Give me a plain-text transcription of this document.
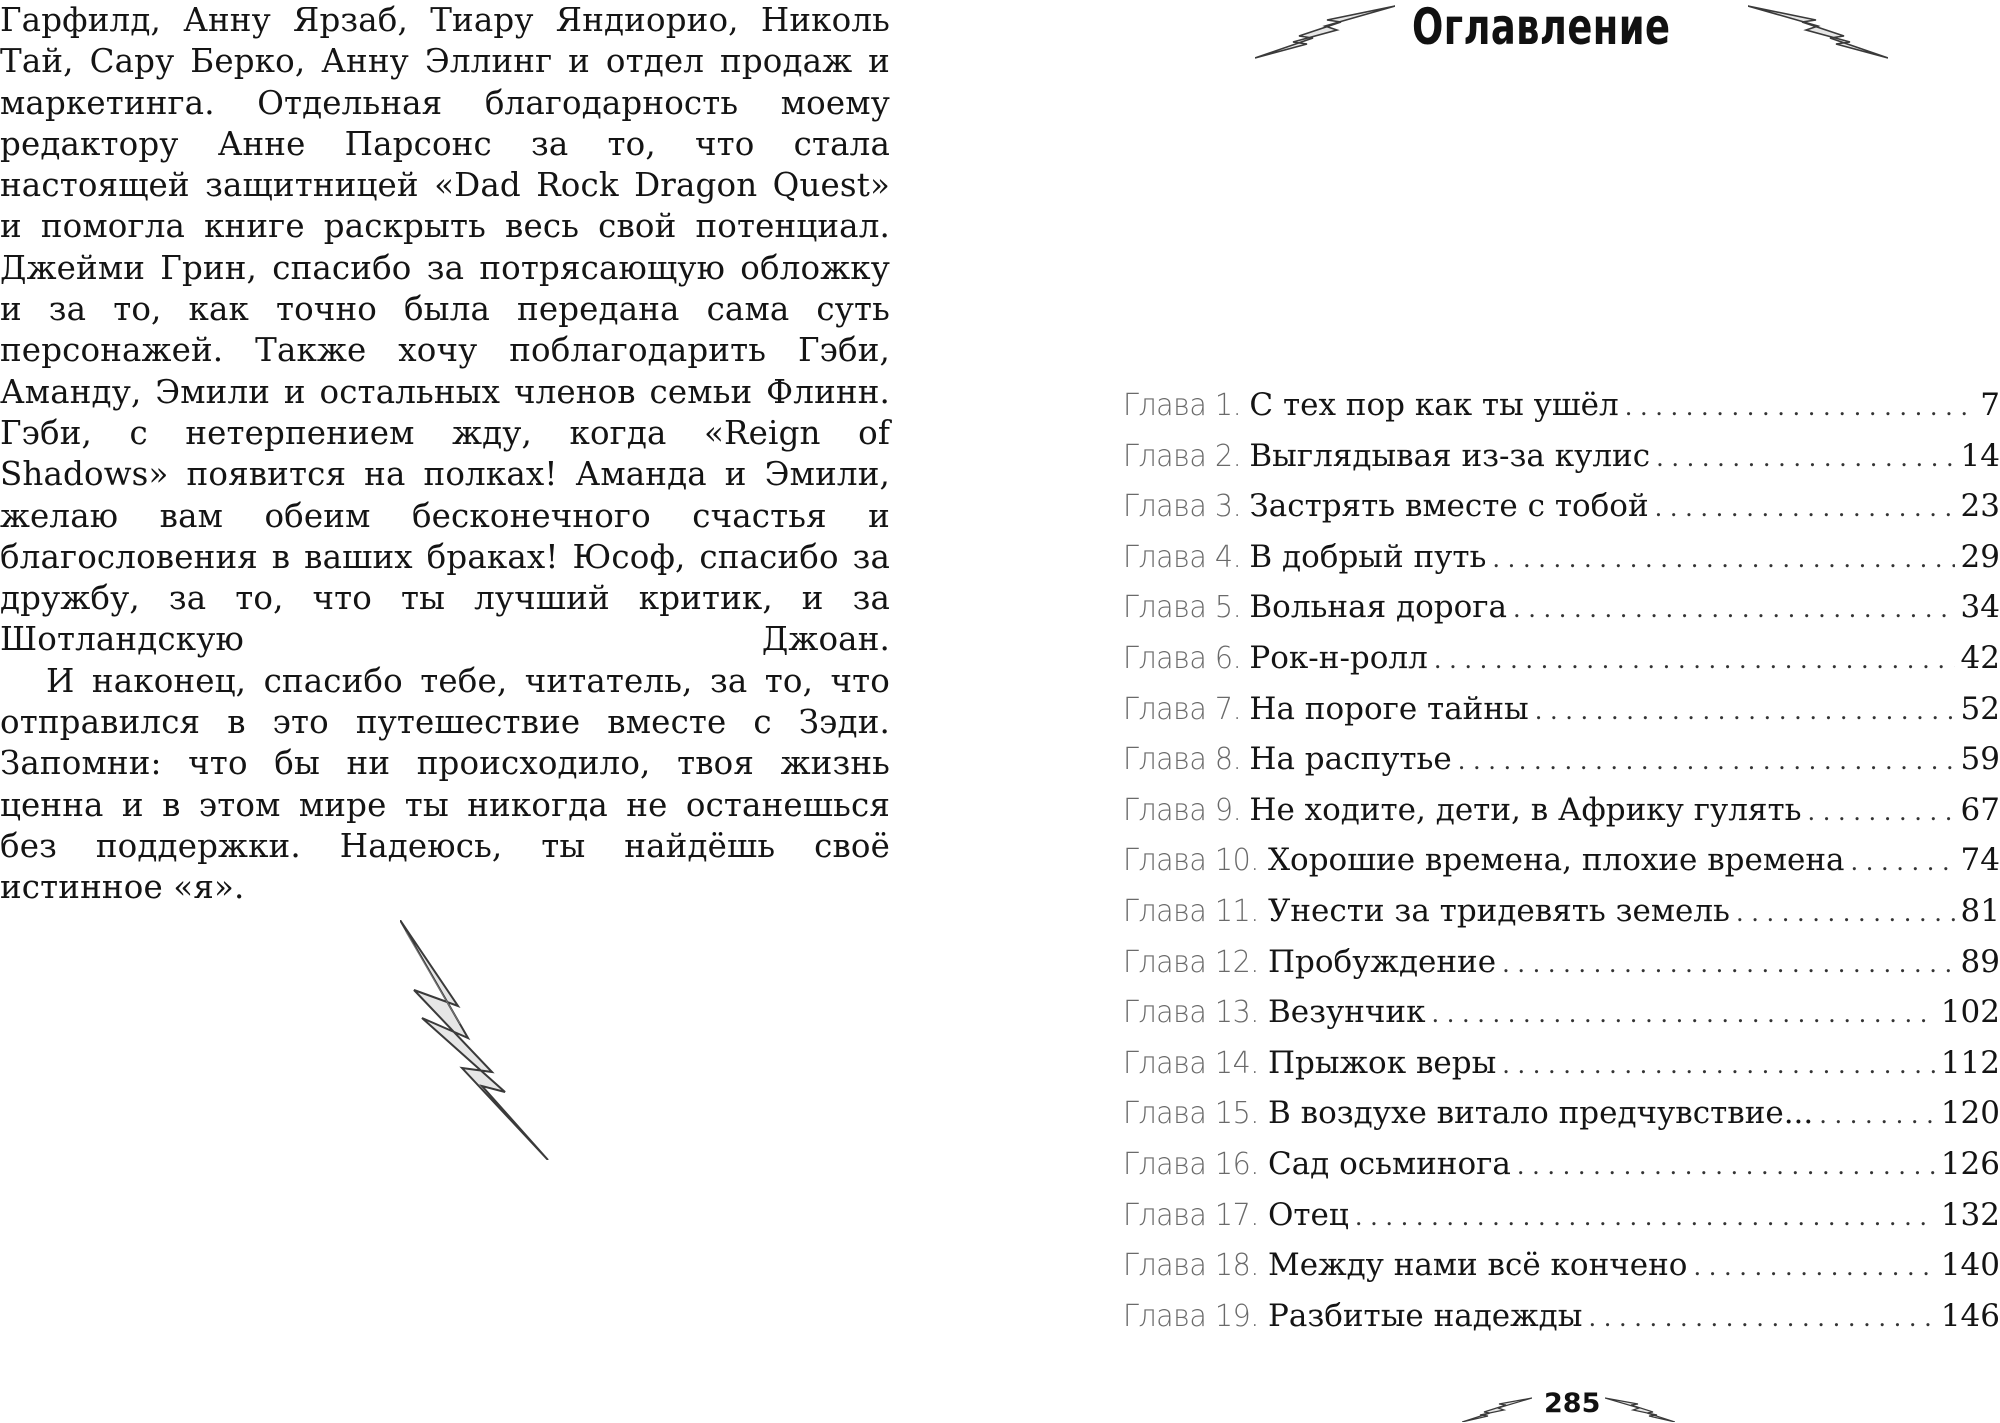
Гарфилд, Анну Ярзаб, Тиару Яндиорио, Николь Тай, Сару Берко, Анну Эллинг и отдел продаж и маркетинга. Отдельная благодарность моему редактору Анне Парсонс за то, что стала настоящей защитницей «Dad Rock Dragon Quest» и помогла книге раскрыть весь свой потенциал. Джейми Грин, спасибо за потрясающую обложку и за то, как точно была передана сама суть персонажей. Также хочу поблагодарить Гэби, Аманду, Эмили и остальных членов семьи Флинн. Гэби, с нетерпением жду, когда «Reign of Shadows» появится на полках! Аманда и Эмили, желаю вам обеим бесконечного счастья и благословения в ваших браках! Юсоф, спасибо за дружбу, за то, что ты лучший критик, и за Шотландскую Джоан.

И наконец, спасибо тебе, читатель, за то, что отправился в это путешествие вместе с Зэди. Запомни: что бы ни происходило, твоя жизнь ценна и в этом мире ты никогда не останешься без поддержки. Надеюсь, ты найдёшь своё истинное «я».

Оглавление
Глава 1. С тех пор как ты ушёл . . .	7
Глава 2. Выглядывая из-за кулис . . .	14
Глава 3. Застрять вместе с тобой . . .	23
Глава 4. В добрый путь . . .	29
Глава 5. Вольная дорога . . .	34
Глава 6. Рок-н-ролл . . .	42
Глава 7. На пороге тайны . . .	52
Глава 8. На распутье . . .	59
Глава 9. Не ходите, дети, в Африку гулять . . .	67
Глава 10. Хорошие времена, плохие времена . . .	74
Глава 11. Унести за тридевять земель . . .	81
Глава 12. Пробуждение . . .	89
Глава 13. Везунчик . . .	102
Глава 14. Прыжок веры . . .	112
Глава 15. В воздухе витало предчувствие... . . .	120
Глава 16. Сад осьминога . . .	126
Глава 17. Отец . . .	132
Глава 18. Между нами всё кончено . . .	140
Глава 19. Разбитые надежды . . .	146
285
